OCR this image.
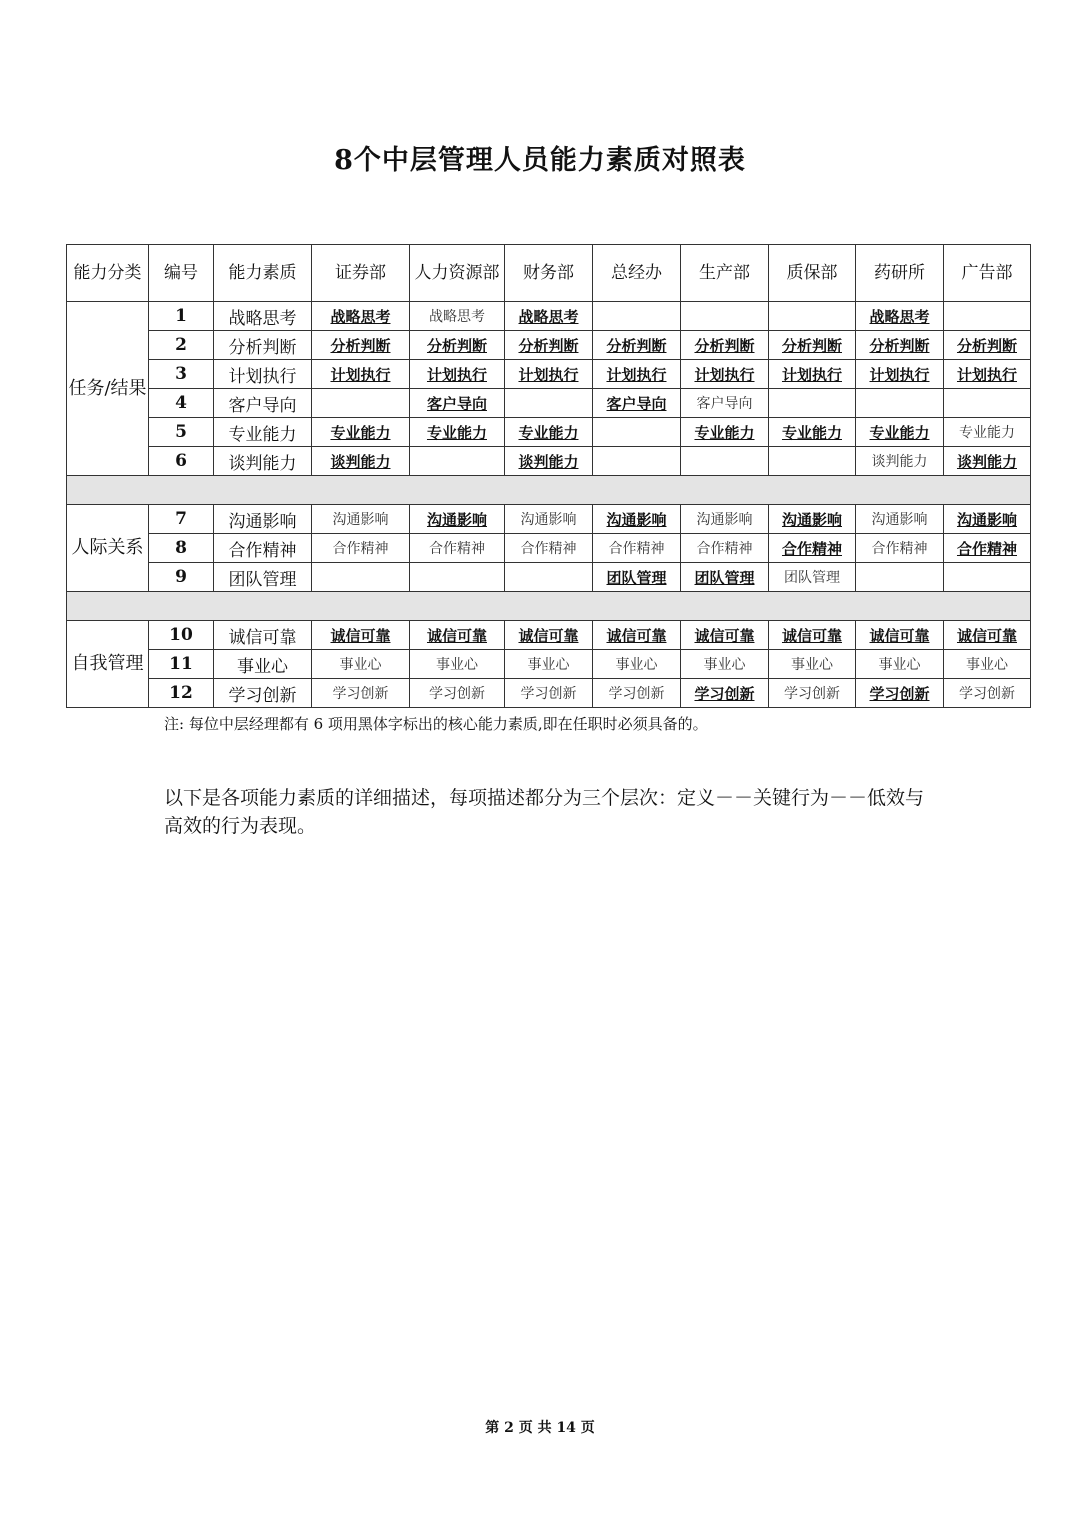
8个中层管理人员能力素质对照表
能力分类	编号	能力素质	证券部	人力资源部	财务部	总经办	生产部	质保部	药研所	广告部
任务/结果	1	战略思考	战略思考	战略思考	战略思考				战略思考	
	2	分析判断	分析判断	分析判断	分析判断	分析判断	分析判断	分析判断	分析判断	分析判断
	3	计划执行	计划执行	计划执行	计划执行	计划执行	计划执行	计划执行	计划执行	计划执行
	4	客户导向		客户导向		客户导向	客户导向			
	5	专业能力	专业能力	专业能力	专业能力		专业能力	专业能力	专业能力	专业能力
	6	谈判能力	谈判能力		谈判能力				谈判能力	谈判能力

人际关系	7	沟通影响	沟通影响	沟通影响	沟通影响	沟通影响	沟通影响	沟通影响	沟通影响	沟通影响
	8	合作精神	合作精神	合作精神	合作精神	合作精神	合作精神	合作精神	合作精神	合作精神
	9	团队管理				团队管理	团队管理	团队管理		

自我管理	10	诚信可靠	诚信可靠	诚信可靠	诚信可靠	诚信可靠	诚信可靠	诚信可靠	诚信可靠	诚信可靠
	11	事业心	事业心	事业心	事业心	事业心	事业心	事业心	事业心	事业心
	12	学习创新	学习创新	学习创新	学习创新	学习创新	学习创新	学习创新	学习创新	学习创新
注: 每位中层经理都有 6 项用黑体字标出的核心能力素质,即在任职时必须具备的。
以下是各项能力素质的详细描述，每项描述都分为三个层次：定义－－关键行为－－低效与高效的行为表现。
第 2 页 共 14 页
